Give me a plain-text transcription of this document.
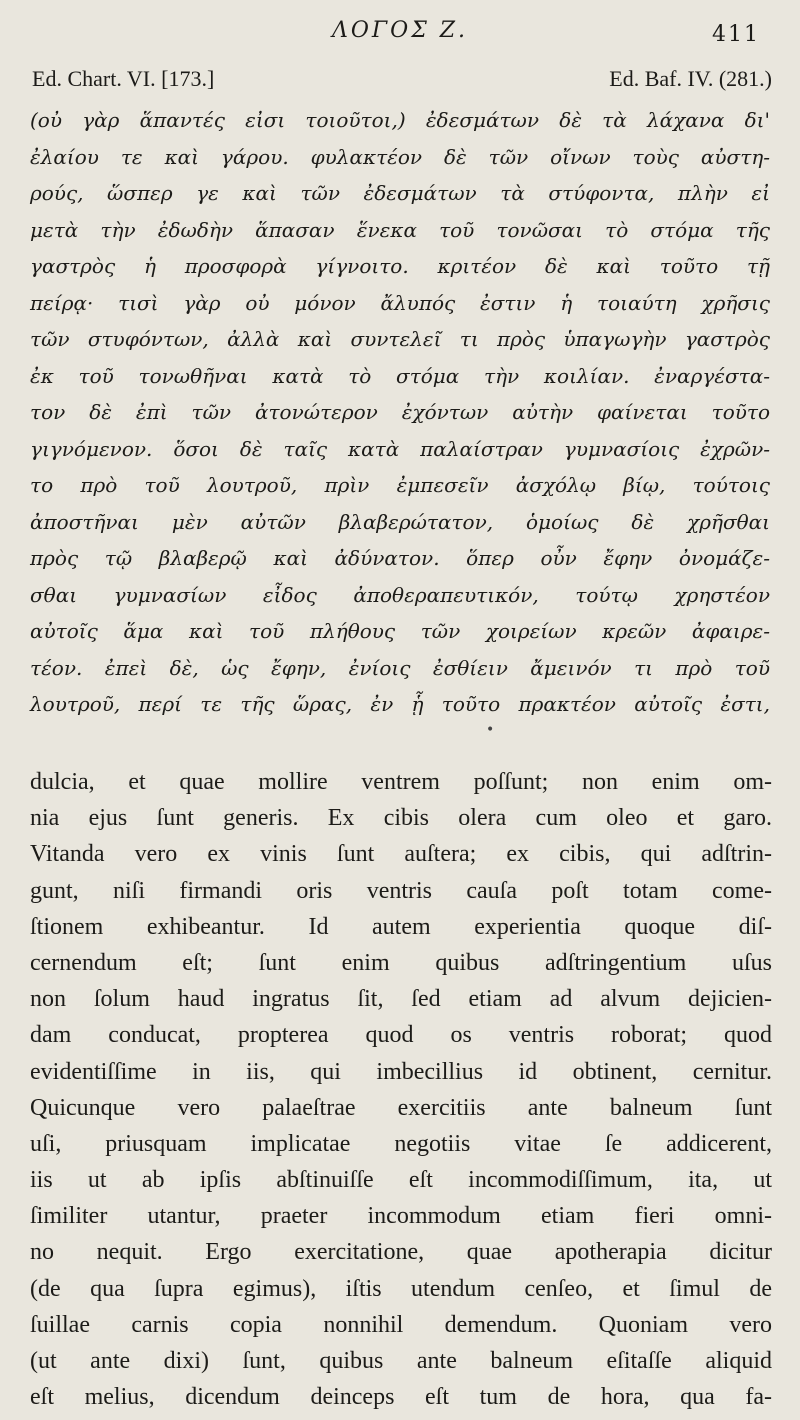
ΛΟΓΟΣ Ζ.	411
Ed. Chart. VI. [173.]	Ed. Baf. IV. (281.)
(οὐ γὰρ ἅπαντές εἰσι τοιοῦτοι,) ἐδεσμάτων δὲ τὰ λάχανα δι'
ἐλαίου τε καὶ γάρου. φυλακτέον δὲ τῶν οἴνων τοὺς αὐστη-
ρούς, ὥσπερ γε καὶ τῶν ἐδεσμάτων τὰ στύφοντα, πλὴν εἰ
μετὰ τὴν ἐδωδὴν ἅπασαν ἕνεκα τοῦ τονῶσαι τὸ στόμα τῆς
γαστρὸς ἡ προσφορὰ γίγνοιτο. κριτέον δὲ καὶ τοῦτο τῇ
πείρᾳ· τισὶ γὰρ οὐ μόνον ἄλυπός ἐστιν ἡ τοιαύτη χρῆσις
τῶν στυφόντων, ἀλλὰ καὶ συντελεῖ τι πρὸς ὑπαγωγὴν γαστρὸς
ἐκ τοῦ τονωθῆναι κατὰ τὸ στόμα τὴν κοιλίαν. ἐναργέστα-
τον δὲ ἐπὶ τῶν ἀτονώτερον ἐχόντων αὐτὴν φαίνεται τοῦτο
γιγνόμενον. ὅσοι δὲ ταῖς κατὰ παλαίστραν γυμνασίοις ἐχρῶν-
το πρὸ τοῦ λουτροῦ, πρὶν ἐμπεσεῖν ἀσχόλῳ βίῳ, τούτοις
ἀποστῆναι μὲν αὐτῶν βλαβερώτατον, ὁμοίως δὲ χρῆσθαι
πρὸς τῷ βλαβερῷ καὶ ἀδύνατον. ὅπερ οὖν ἔφην ὀνομάζε-
σθαι γυμνασίων εἶδος ἀποθεραπευτικόν, τούτῳ χρηστέον
αὐτοῖς ἅμα καὶ τοῦ πλήθους τῶν χοιρείων κρεῶν ἀφαιρε-
τέον. ἐπεὶ δὲ, ὡς ἔφην, ἐνίοις ἐσθίειν ἄμεινόν τι πρὸ τοῦ
λουτροῦ, περί τε τῆς ὥρας, ἐν ᾗ τοῦτο πρακτέον αὐτοῖς ἐστι,
•
dulcia, et quae mollire ventrem poſſunt; non enim om-
nia ejus ſunt generis. Ex cibis olera cum oleo et garo.
Vitanda vero ex vinis ſunt auſtera; ex cibis, qui adſtrin-
gunt, niſi firmandi oris ventris cauſa poſt totam come-
ſtionem exhibeantur. Id autem experientia quoque diſ-
cernendum eſt; ſunt enim quibus adſtringentium uſus
non ſolum haud ingratus ſit, ſed etiam ad alvum dejicien-
dam conducat, propterea quod os ventris roborat; quod
evidentiſſime in iis, qui imbecillius id obtinent, cernitur.
Quicunque vero palaeſtrae exercitiis ante balneum ſunt
uſi, priusquam implicatae negotiis vitae ſe addicerent,
iis ut ab ipſis abſtinuiſſe eſt incommodiſſimum, ita, ut
ſimiliter utantur, praeter incommodum etiam fieri omni-
no nequit. Ergo exercitatione, quae apotherapia dicitur
(de qua ſupra egimus), iſtis utendum cenſeo, et ſimul de
ſuillae carnis copia nonnihil demendum. Quoniam vero
(ut ante dixi) ſunt, quibus ante balneum eſitaſſe aliquid
eſt melius, dicendum deinceps eſt tum de hora, qua fa-
